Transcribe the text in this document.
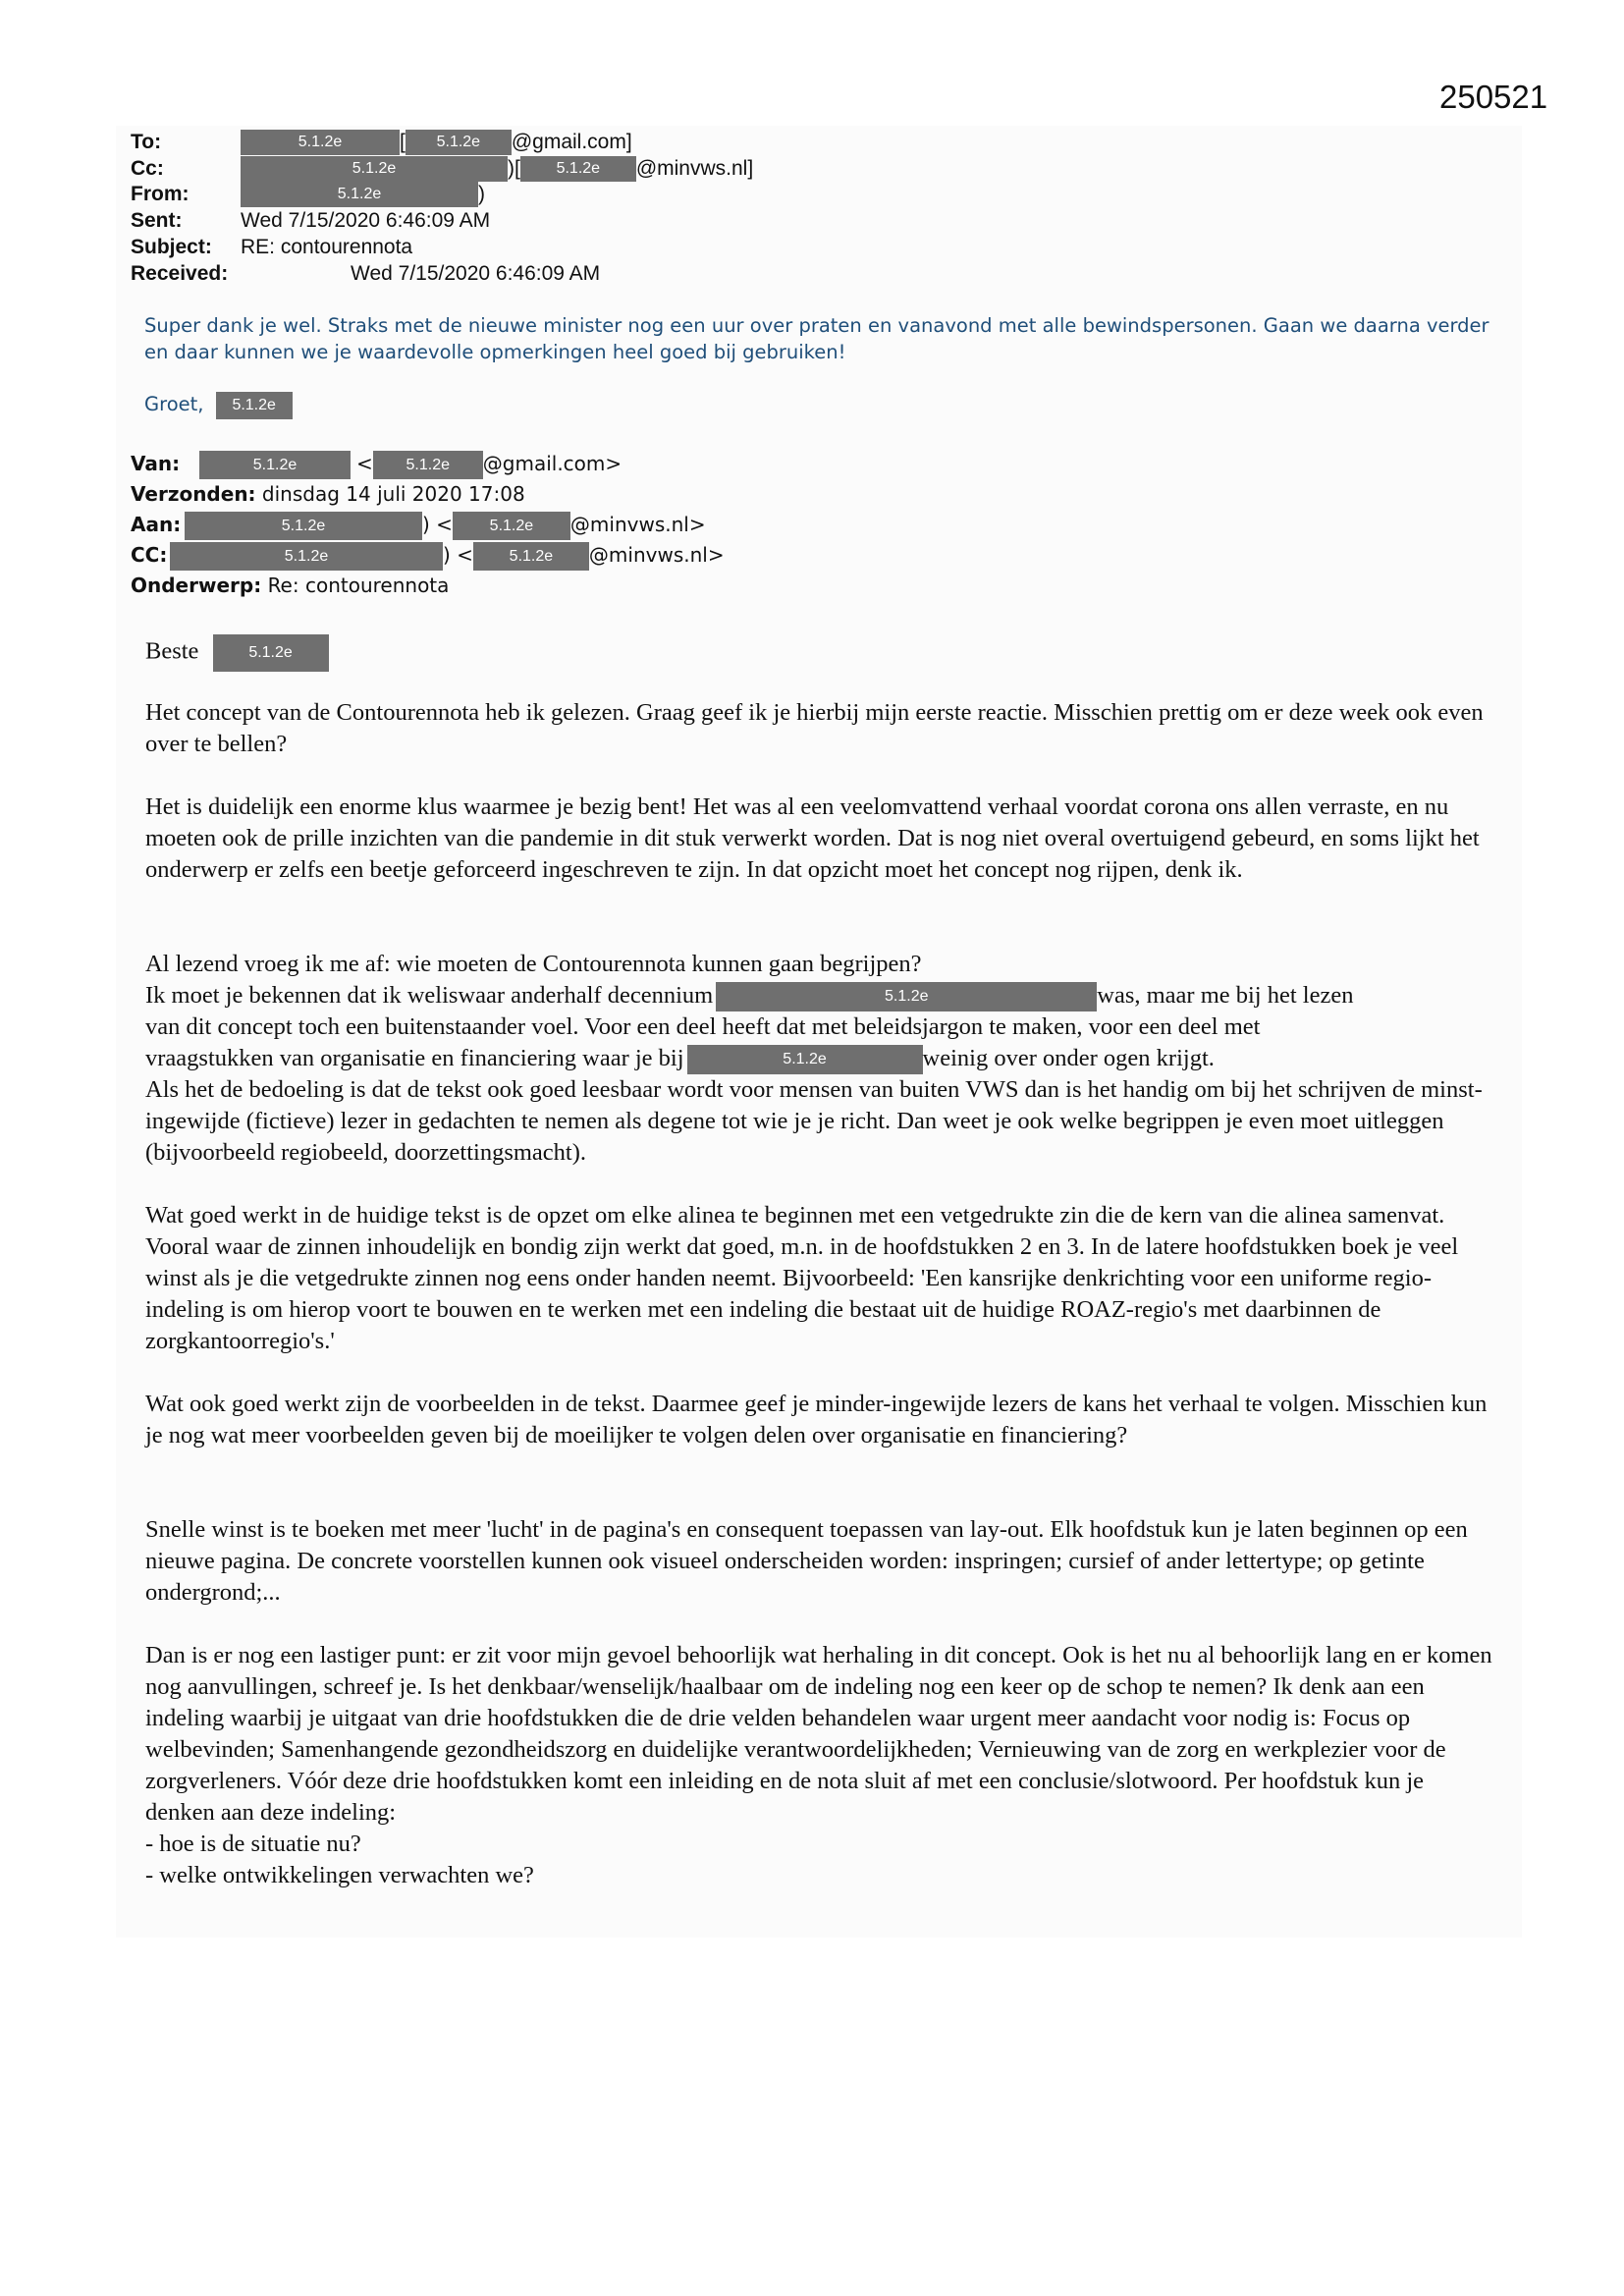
250521
To:	5.1.2e	[ 5.1.2e @gmail.com]
Cc:	5.1.2e	)[ 5.1.2e @minvws.nl]
From:	5.1.2e	)
Sent:	Wed 7/15/2020 6:46:09 AM
Subject: RE: contourennota
Received:	Wed 7/15/2020 6:46:09 AM
Super dank je wel. Straks met de nieuwe minister nog een uur over praten en vanavond met alle bewindspersonen. Gaan we daarna verder en daar kunnen we je waardevolle opmerkingen heel goed bij gebruiken!
Groet, 5.1.2e
Van:	5.1.2e	< 5.1.2e @gmail.com>
Verzonden: dinsdag 14 juli 2020 17:08
Aan:	5.1.2e	) < 5.1.2e @minvws.nl>
CC:	5.1.2e	) < 5.1.2e @minvws.nl>
Onderwerp: Re: contourennota
Beste	5.1.2e
Het concept van de Contourennota heb ik gelezen. Graag geef ik je hierbij mijn eerste reactie. Misschien prettig om er deze week ook even over te bellen?
Het is duidelijk een enorme klus waarmee je bezig bent! Het was al een veelomvattend verhaal voordat corona ons allen verraste, en nu moeten ook de prille inzichten van die pandemie in dit stuk verwerkt worden. Dat is nog niet overal overtuigend gebeurd, en soms lijkt het onderwerp er zelfs een beetje geforceerd ingeschreven te zijn. In dat opzicht moet het concept nog rijpen, denk ik.
Al lezend vroeg ik me af: wie moeten de Contourennota kunnen gaan begrijpen?
Ik moet je bekennen dat ik weliswaar anderhalf decennium	5.1.2e	was, maar me bij het lezen
van dit concept toch een buitenstaander voel. Voor een deel heeft dat met beleidsjargon te maken, voor een deel met
vraagstukken van organisatie en financiering waar je bij	5.1.2e	weinig over onder ogen krijgt.
Als het de bedoeling is dat de tekst ook goed leesbaar wordt voor mensen van buiten VWS dan is het handig om bij het schrijven de minst-ingewijde (fictieve) lezer in gedachten te nemen als degene tot wie je je richt. Dan weet je ook welke begrippen je even moet uitleggen (bijvoorbeeld regiobeeld, doorzettingsmacht).
Wat goed werkt in de huidige tekst is de opzet om elke alinea te beginnen met een vetgedrukte zin die de kern van die alinea samenvat. Vooral waar de zinnen inhoudelijk en bondig zijn werkt dat goed, m.n. in de hoofdstukken 2 en 3. In de latere hoofdstukken boek je veel winst als je die vetgedrukte zinnen nog eens onder handen neemt. Bijvoorbeeld: 'Een kansrijke denkrichting voor een uniforme regio-indeling is om hierop voort te bouwen en te werken met een indeling die bestaat uit de huidige ROAZ-regio's met daarbinnen de zorgkantoorregio's.'
Wat ook goed werkt zijn de voorbeelden in de tekst. Daarmee geef je minder-ingewijde lezers de kans het verhaal te volgen. Misschien kun je nog wat meer voorbeelden geven bij de moeilijker te volgen delen over organisatie en financiering?
Snelle winst is te boeken met meer 'lucht' in de pagina's en consequent toepassen van lay-out. Elk hoofdstuk kun je laten beginnen op een nieuwe pagina. De concrete voorstellen kunnen ook visueel onderscheiden worden: inspringen; cursief of ander lettertype; op getinte ondergrond;...
Dan is er nog een lastiger punt: er zit voor mijn gevoel behoorlijk wat herhaling in dit concept. Ook is het nu al behoorlijk lang en er komen nog aanvullingen, schreef je. Is het denkbaar/wenselijk/haalbaar om de indeling nog een keer op de schop te nemen? Ik denk aan een indeling waarbij je uitgaat van drie hoofdstukken die de drie velden behandelen waar urgent meer aandacht voor nodig is: Focus op welbevinden; Samenhangende gezondheidszorg en duidelijke verantwoordelijkheden; Vernieuwing van de zorg en werkplezier voor de zorgverleners. Vóór deze drie hoofdstukken komt een inleiding en de nota sluit af met een conclusie/slotwoord. Per hoofdstuk kun je denken aan deze indeling:
- hoe is de situatie nu?
- welke ontwikkelingen verwachten we?
